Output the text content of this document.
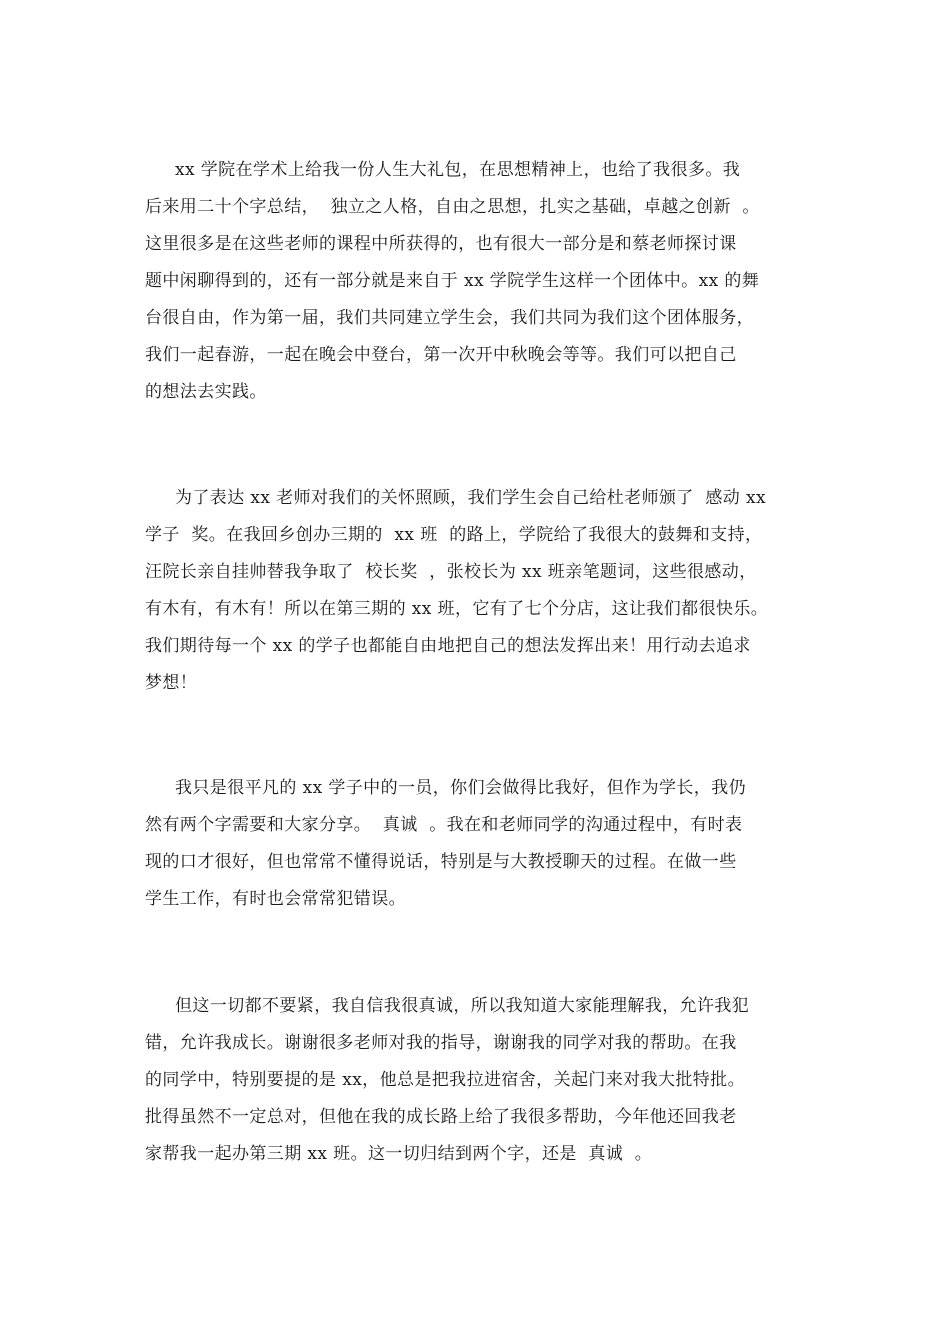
xx 学院在学术上给我一份人生大礼包，在思想精神上，也给了我很多。我
后来用二十个字总结，  独立之人格，自由之思想，扎实之基础，卓越之创新  。
这里很多是在这些老师的课程中所获得的，也有很大一部分是和蔡老师探讨课
题中闲聊得到的，还有一部分就是来自于 xx 学院学生这样一个团体中。xx 的舞
台很自由，作为第一届，我们共同建立学生会，我们共同为我们这个团体服务，
我们一起春游，一起在晚会中登台，第一次开中秋晚会等等。我们可以把自己
的想法去实践。
为了表达 xx 老师对我们的关怀照顾，我们学生会自己给杜老师颁了  感动 xx
学子  奖。在我回乡创办三期的  xx 班  的路上，学院给了我很大的鼓舞和支持，
汪院长亲自挂帅替我争取了  校长奖  ，张校长为 xx 班亲笔题词，这些很感动，
有木有，有木有！所以在第三期的 xx 班，它有了七个分店，这让我们都很快乐。
我们期待每一个 xx 的学子也都能自由地把自己的想法发挥出来！用行动去追求
梦想！
我只是很平凡的 xx 学子中的一员，你们会做得比我好，但作为学长，我仍
然有两个字需要和大家分享。  真诚  。我在和老师同学的沟通过程中，有时表
现的口才很好，但也常常不懂得说话，特别是与大教授聊天的过程。在做一些
学生工作，有时也会常常犯错误。
但这一切都不要紧，我自信我很真诚，所以我知道大家能理解我，允许我犯
错，允许我成长。谢谢很多老师对我的指导，谢谢我的同学对我的帮助。在我
的同学中，特别要提的是 xx，他总是把我拉进宿舍，关起门来对我大批特批。
批得虽然不一定总对，但他在我的成长路上给了我很多帮助，今年他还回我老
家帮我一起办第三期 xx 班。这一切归结到两个字，还是  真诚  。
